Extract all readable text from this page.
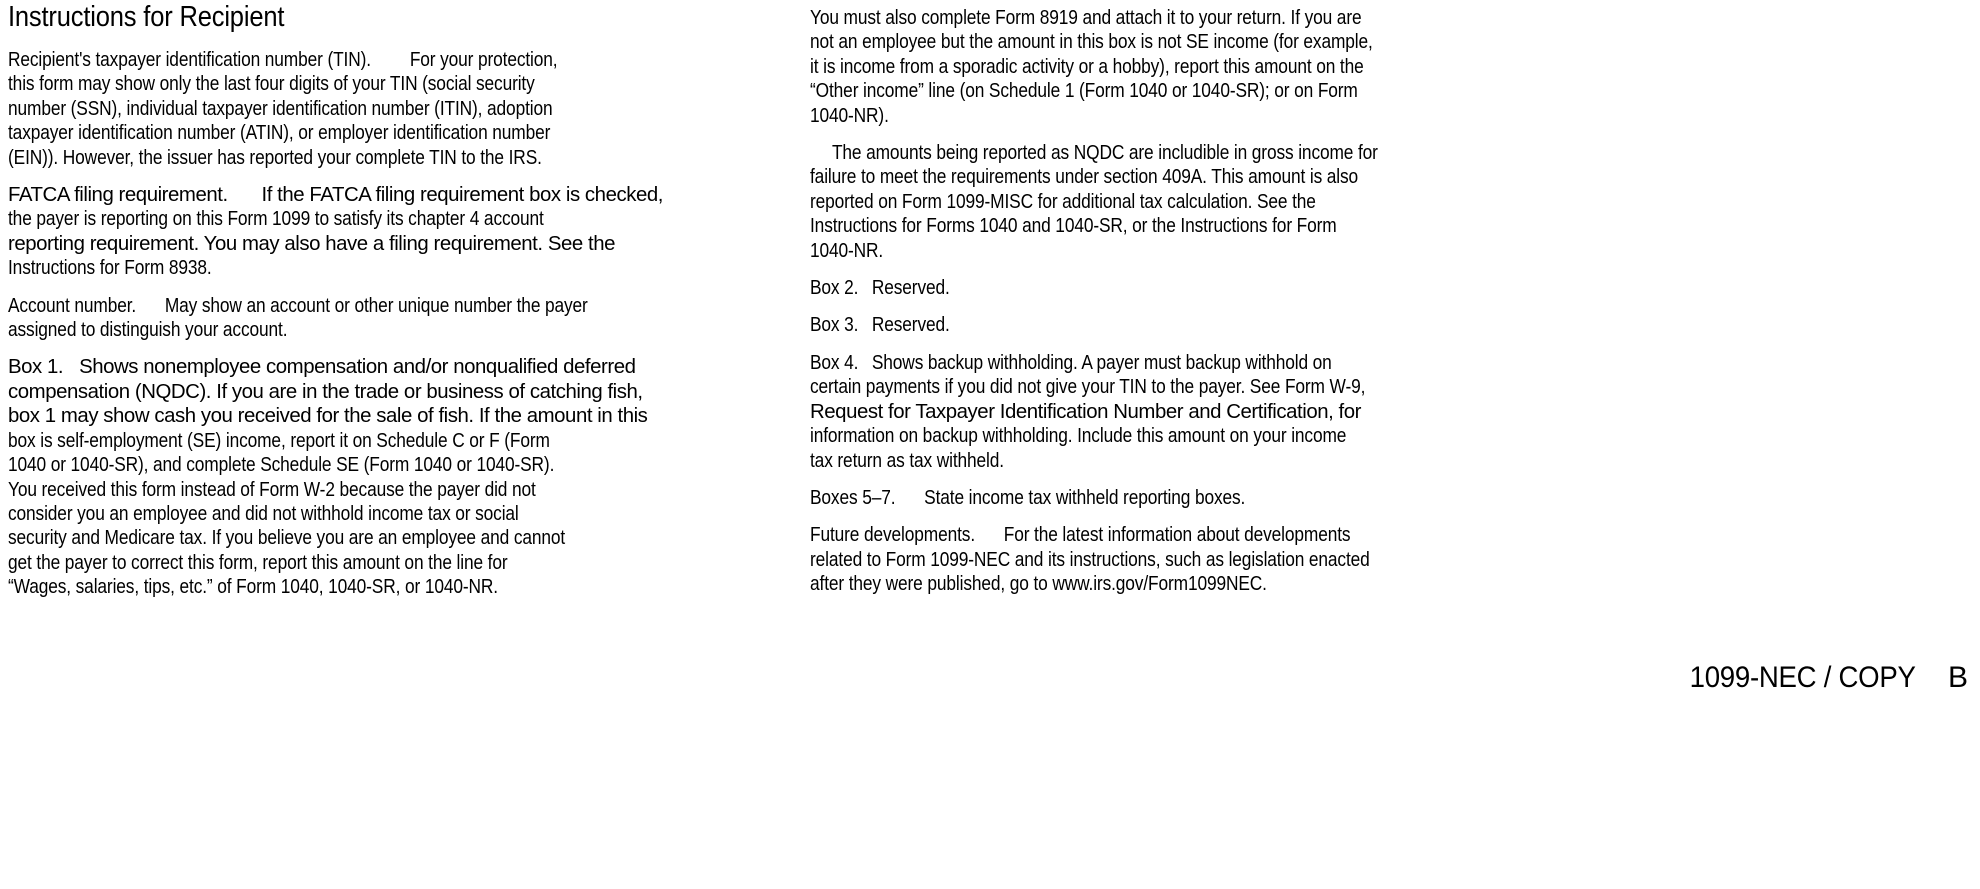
Instructions for Recipient
Recipient's taxpayer identification number (TIN). For your protection,
this form may show only the last four digits of your TIN (social security
number (SSN), individual taxpayer identification number (ITIN), adoption
taxpayer identification number (ATIN), or employer identification number
(EIN)). However, the issuer has reported your complete TIN to the IRS.
FATCA filing requirement. If the FATCA filing requirement box is checked,
the payer is reporting on this Form 1099 to satisfy its chapter 4 account
reporting requirement. You may also have a filing requirement. See the
Instructions for Form 8938.
Account number. May show an account or other unique number the payer
assigned to distinguish your account.
Box 1. Shows nonemployee compensation and/or nonqualified deferred
compensation (NQDC). If you are in the trade or business of catching fish,
box 1 may show cash you received for the sale of fish. If the amount in this
box is self-employment (SE) income, report it on Schedule C or F (Form
1040 or 1040-SR), and complete Schedule SE (Form 1040 or 1040-SR).
You received this form instead of Form W-2 because the payer did not
consider you an employee and did not withhold income tax or social
security and Medicare tax. If you believe you are an employee and cannot
get the payer to correct this form, report this amount on the line for
“Wages, salaries, tips, etc.” of Form 1040, 1040-SR, or 1040-NR.
You must also complete Form 8919 and attach it to your return. If you are
not an employee but the amount in this box is not SE income (for example,
it is income from a sporadic activity or a hobby), report this amount on the
“Other income” line (on Schedule 1 (Form 1040 or 1040-SR); or on Form
1040-NR).
The amounts being reported as NQDC are includible in gross income for
failure to meet the requirements under section 409A. This amount is also
reported on Form 1099-MISC for additional tax calculation. See the
Instructions for Forms 1040 and 1040-SR, or the Instructions for Form
1040-NR.
Box 2. Reserved.
Box 3. Reserved.
Box 4. Shows backup withholding. A payer must backup withhold on
certain payments if you did not give your TIN to the payer. See Form W-9,
Request for Taxpayer Identification Number and Certification, for
information on backup withholding. Include this amount on your income
tax return as tax withheld.
Boxes 5–7. State income tax withheld reporting boxes.
Future developments. For the latest information about developments
related to Form 1099-NEC and its instructions, such as legislation enacted
after they were published, go to www.irs.gov/Form1099NEC.
1099-NEC / COPY B
